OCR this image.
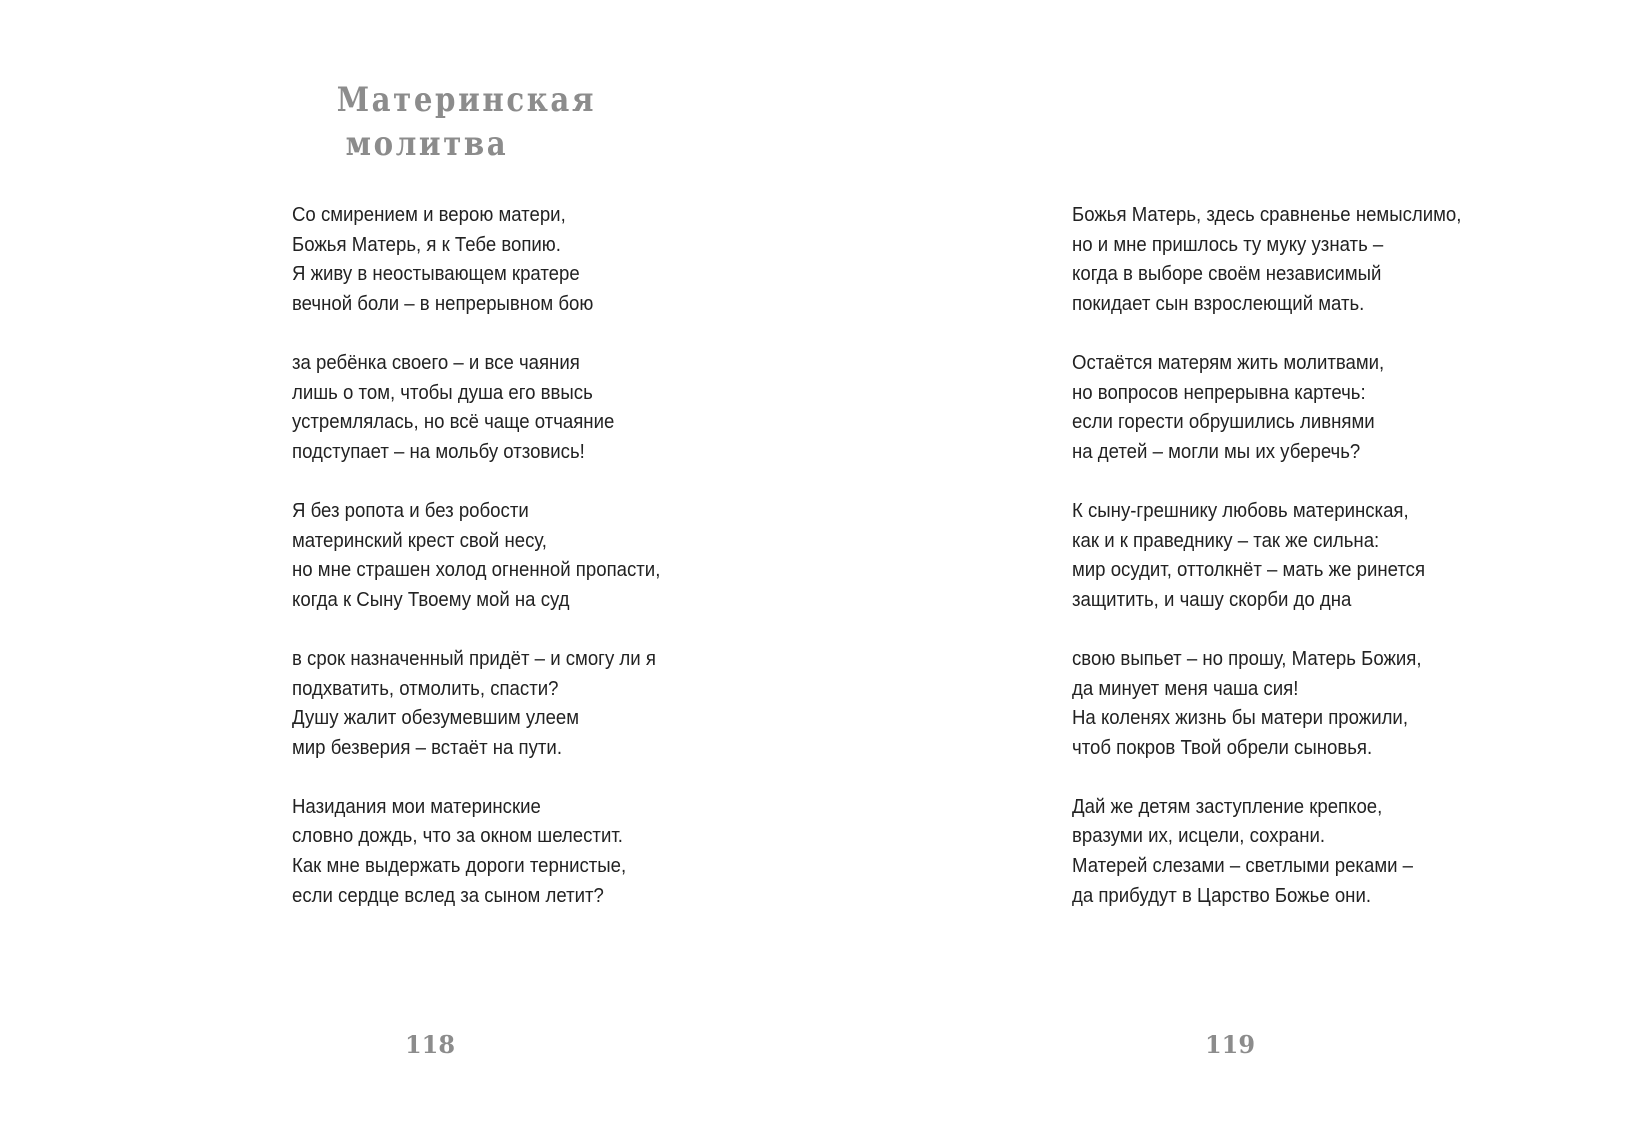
Материнская
молитва
Со смирением и верою матери,
Божья Матерь, я к Тебе вопию.
Я живу в неостывающем кратере
вечной боли – в непрерывном бою
за ребёнка своего – и все чаяния
лишь о том, чтобы душа его ввысь
устремлялась, но всё чаще отчаяние
подступает – на мольбу отзовись!
Я без ропота и без робости
материнский крест свой несу,
но мне страшен холод огненной пропасти,
когда к Сыну Твоему мой на суд
в срок назначенный придёт – и смогу ли я
подхватить, отмолить, спасти?
Душу жалит обезумевшим улеем
мир безверия – встаёт на пути.
Назидания мои материнские
словно дождь, что за окном шелестит.
Как мне выдержать дороги тернистые,
если сердце вслед за сыном летит?
118
Божья Матерь, здесь сравненье немыслимо,
но и мне пришлось ту муку узнать –
когда в выборе своём независимый
покидает сын взрослеющий мать.
Остаётся матерям жить молитвами,
но вопросов непрерывна картечь:
если горести обрушились ливнями
на детей – могли мы их уберечь?
К сыну-грешнику любовь материнская,
как и к праведнику – так же сильна:
мир осудит, оттолкнёт – мать же ринется
защитить, и чашу скорби до дна
свою выпьет – но прошу, Матерь Божия,
да минует меня чаша сия!
На коленях жизнь бы матери прожили,
чтоб покров Твой обрели сыновья.
Дай же детям заступление крепкое,
вразуми их, исцели, сохрани.
Матерей слезами – светлыми реками –
да прибудут в Царство Божье они.
119
